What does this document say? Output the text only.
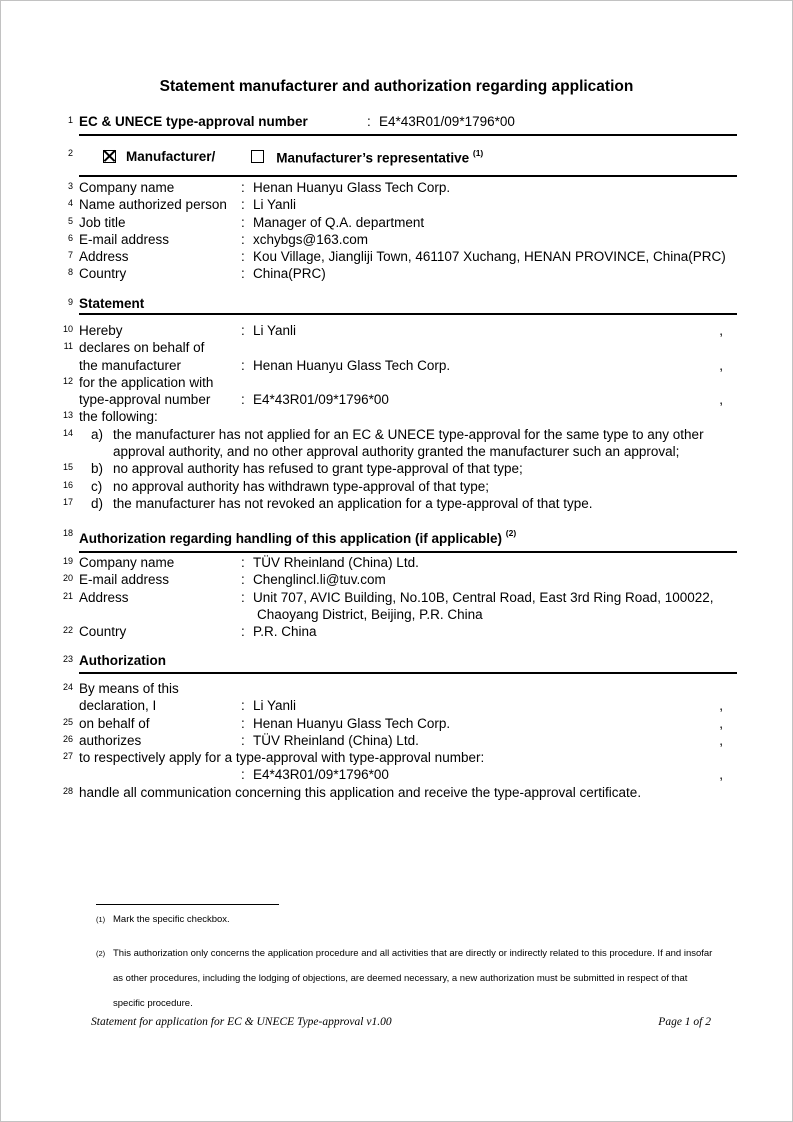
Statement manufacturer and authorization regarding application
1 EC & UNECE type-approval number	: E4*43R01/09*1796*00
2	Manufacturer/	Manufacturer’s representative $^{(1)}$
3 Company name	: Henan Huanyu Glass Tech Corp.
4 Name authorized person	: Li Yanli
5 Job title	: Manager of Q.A. department
6 E-mail address	: xchybgs@163.com
7 Address	: Kou Village, Jiangliji Town, 461107 Xuchang, HENAN PROVINCE, China(PRC)
8 Country	: China(PRC)
9 Statement
10 Hereby	: Li Yanli	,
11 declares on behalf of
the manufacturer	: Henan Huanyu Glass Tech Corp.	,
12 for the application with
type-approval number	: E4*43R01/09*1796*00	,
13 the following:
14 a) the manufacturer has not applied for an EC & UNECE type-approval for the same type to any other approval authority, and no other approval authority granted the manufacturer such an approval;
15 b) no approval authority has refused to grant type-approval of that type;
16 c) no approval authority has withdrawn type-approval of that type;
17 d) the manufacturer has not revoked an application for a type-approval of that type.
18 Authorization regarding handling of this application (if applicable) $^{(2)}$
19 Company name	: TÜV Rheinland (China) Ltd.
20 E-mail address	: Chenglincl.li@tuv.com
21 Address	: Unit 707, AVIC Building, No.10B, Central Road, East 3rd Ring Road, 100022,
Chaoyang District, Beijing, P.R. China
22 Country	: P.R. China
23 Authorization
24 By means of this
declaration, I	: Li Yanli	,
25 on behalf of	: Henan Huanyu Glass Tech Corp.	,
26 authorizes	: TÜV Rheinland (China) Ltd.	,
27 to respectively apply for a type-approval with type-approval number:
: E4*43R01/09*1796*00	,
28 handle all communication concerning this application and receive the type-approval certificate.
(1) Mark the specific checkbox.
(2) This authorization only concerns the application procedure and all activities that are directly or indirectly related to this procedure. If and insofar as other procedures, including the lodging of objections, are deemed necessary, a new authorization must be submitted in respect of that specific procedure.
Statement for application for EC & UNECE Type-approval v1.00	Page 1 of 2
